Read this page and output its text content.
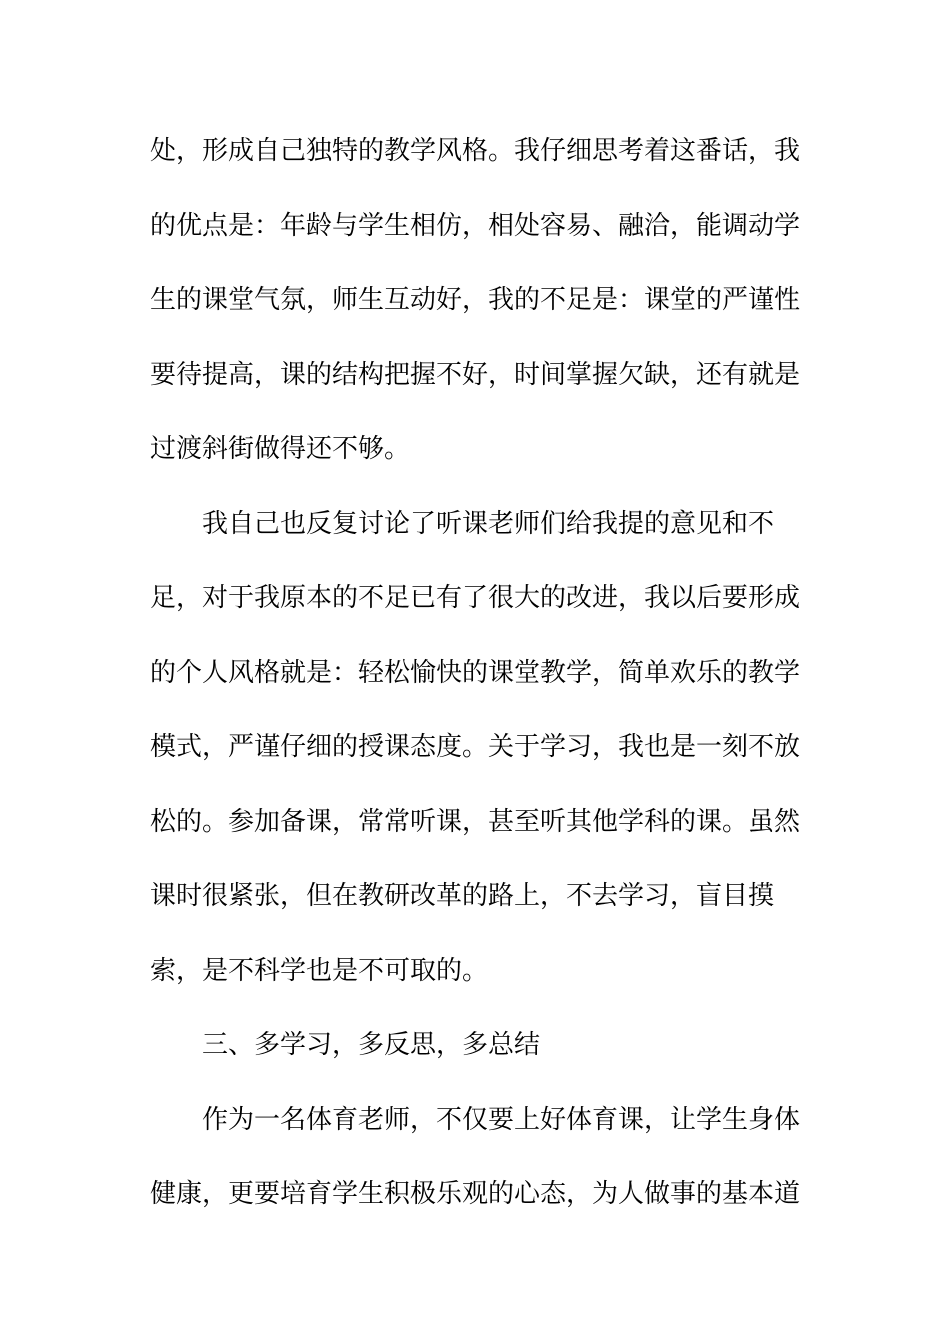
处，形成自己独特的教学风格。我仔细思考着这番话，我
的优点是：年龄与学生相仿，相处容易、融洽，能调动学
生的课堂气氛，师生互动好，我的不足是：课堂的严谨性
要待提高，课的结构把握不好，时间掌握欠缺，还有就是
过渡斜街做得还不够。
我自己也反复讨论了听课老师们给我提的意见和不
足，对于我原本的不足已有了很大的改进，我以后要形成
的个人风格就是：轻松愉快的课堂教学，简单欢乐的教学
模式，严谨仔细的授课态度。关于学习，我也是一刻不放
松的。参加备课，常常听课，甚至听其他学科的课。虽然
课时很紧张，但在教研改革的路上，不去学习，盲目摸
索，是不科学也是不可取的。
三、多学习，多反思，多总结
作为一名体育老师，不仅要上好体育课，让学生身体
健康，更要培育学生积极乐观的心态，为人做事的基本道
